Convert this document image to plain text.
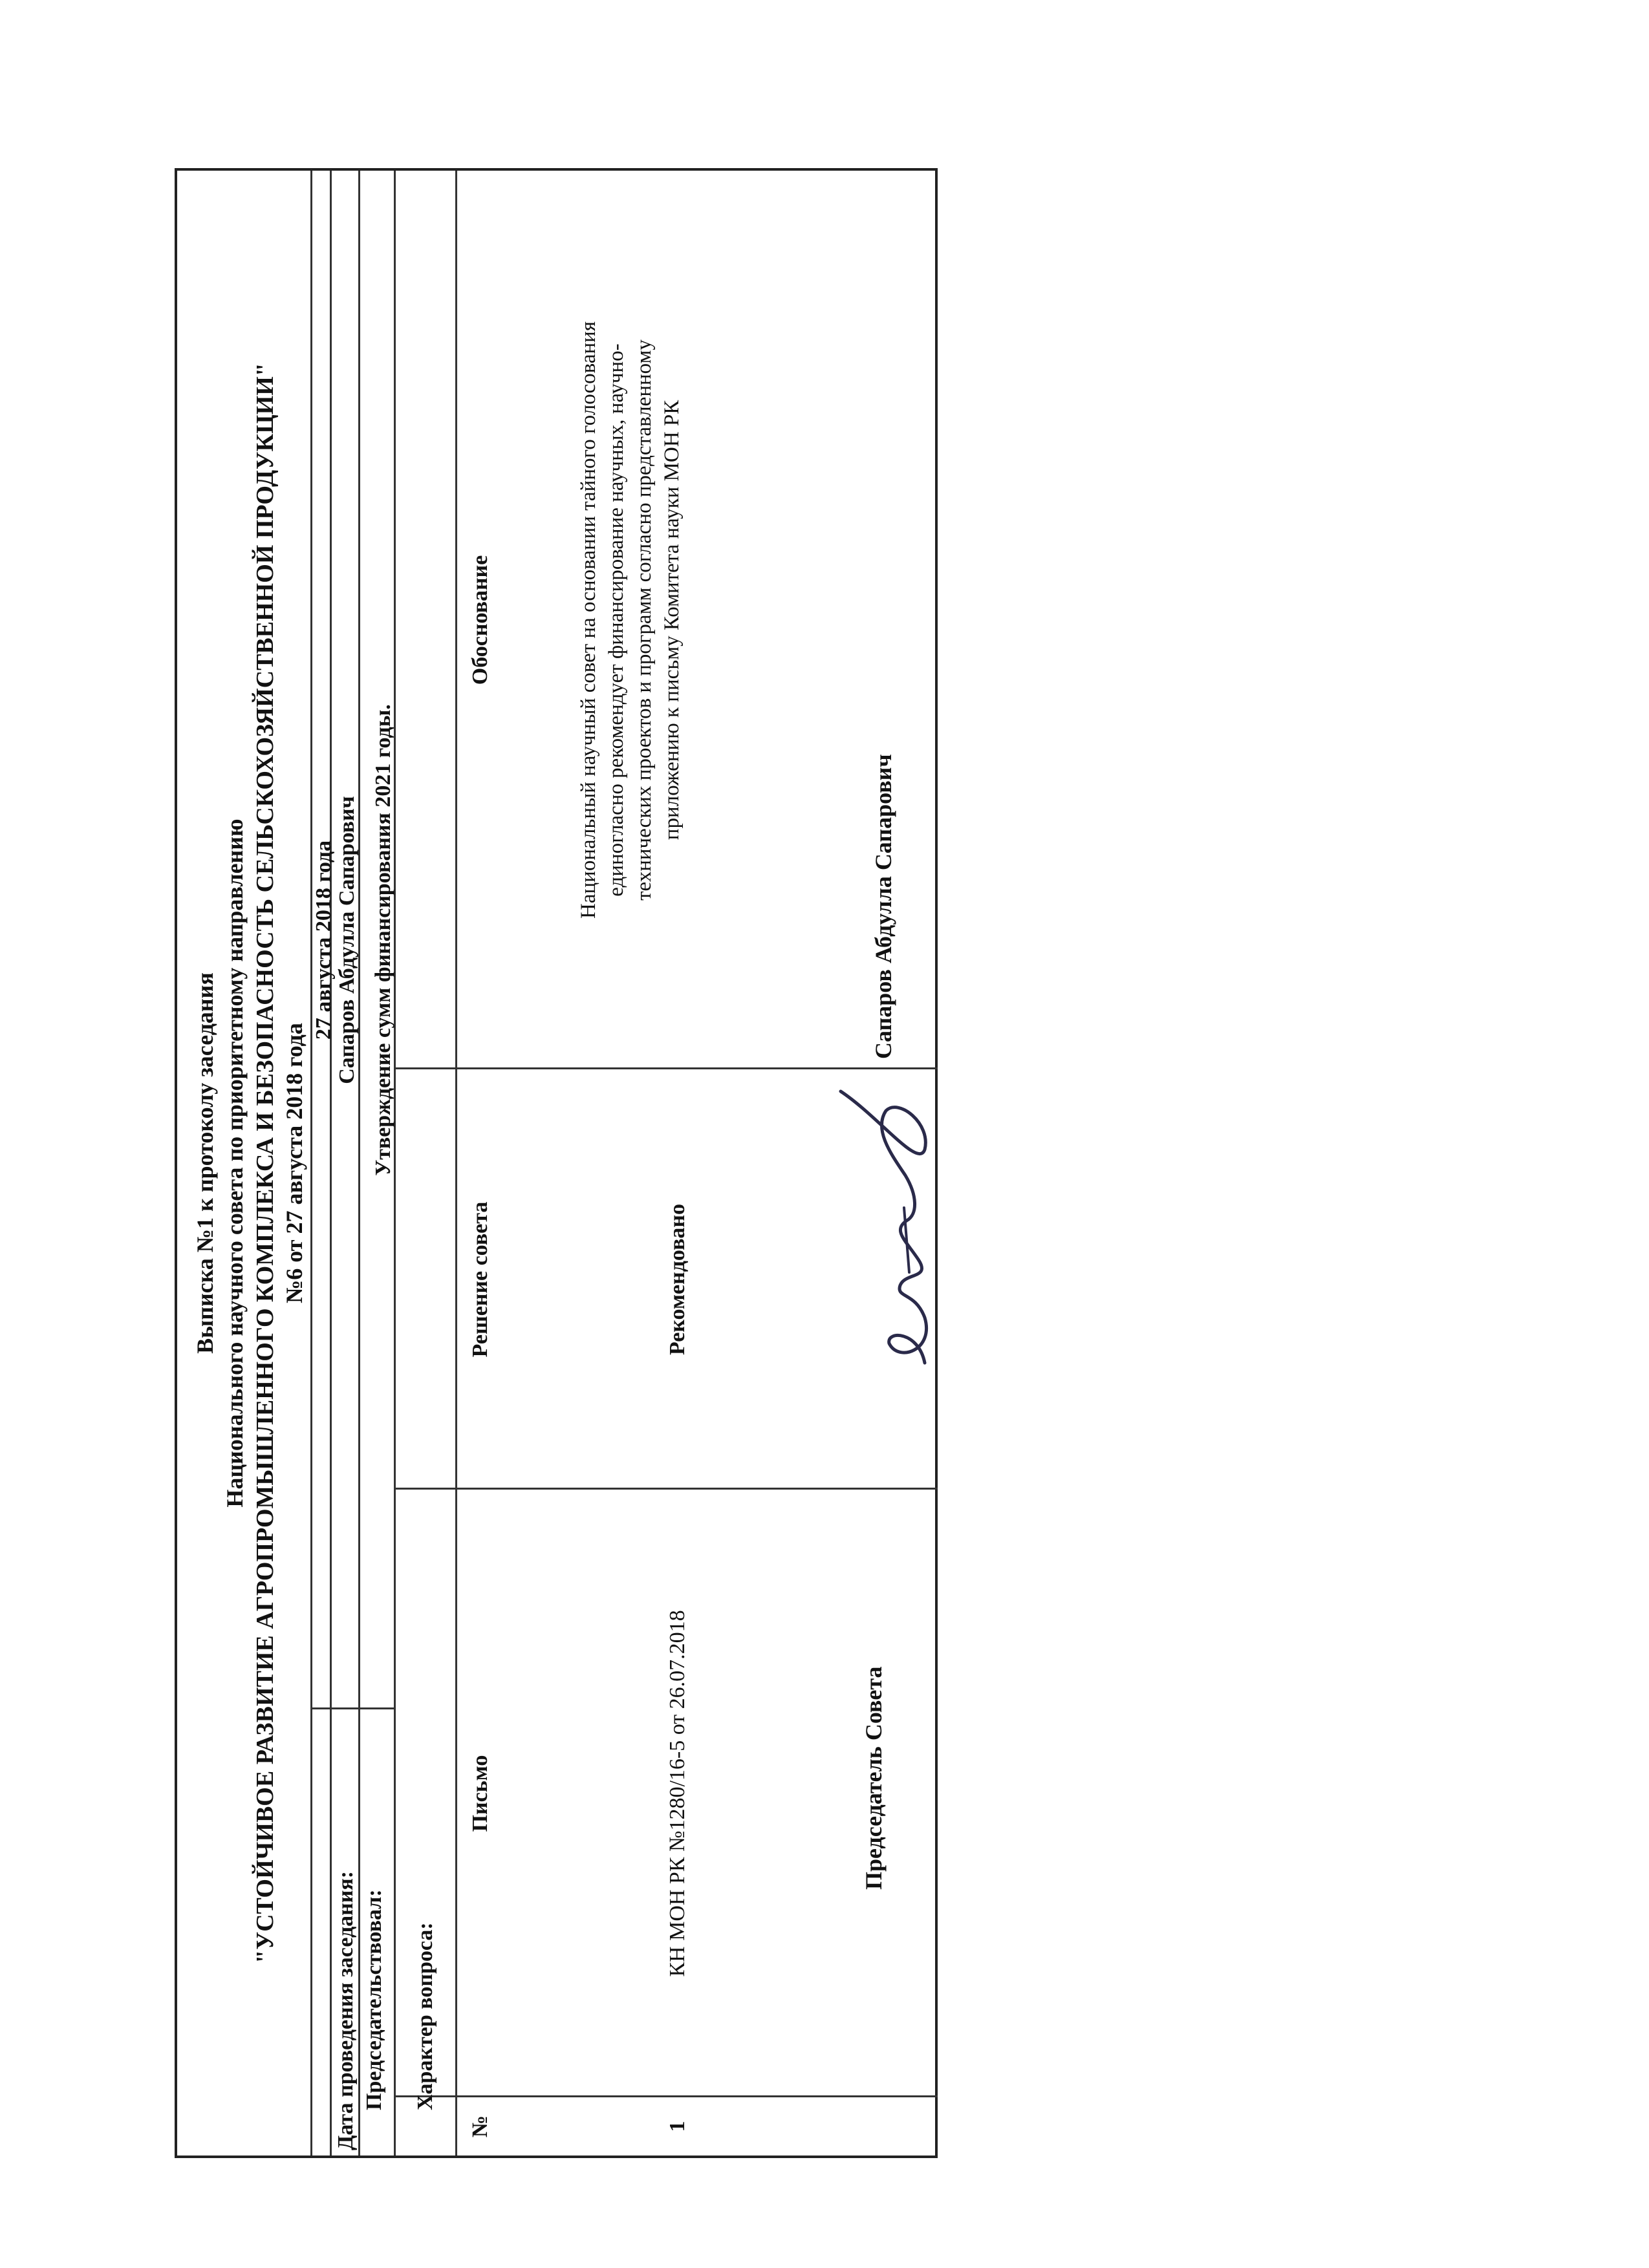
Выписка №1 к протоколу заседания Национального научного совета по приоритетному направлению "УСТОЙЧИВОЕ РАЗВИТИЕ АГРОПРОМЫШЛЕННОГО КОМПЛЕКСА И БЕЗОПАСНОСТЬ СЕЛЬСКОХОЗЯЙСТВЕННОЙ ПРОДУКЦИИ" №6 от 27 августа 2018 года
Дата проведения заседания:
27 августа 2018 года
Председательствовал:
Сапаров Абдулла Сапарович
Характер вопроса:
Утверждение сумм финансирования 2021 годы.
№
Письмо
Решение совета
Обоснование
1
КН МОН РК №1280/16-5 от 26.07.2018
Рекомендовано
Национальный научный совет на основании тайного голосования единогласно рекомендует финансирование научных, научно- технических проектов и программ согласно представленному приложению к письму Комитета науки МОН РК
Председатель Совета
Сапаров Абдулла Сапарович
